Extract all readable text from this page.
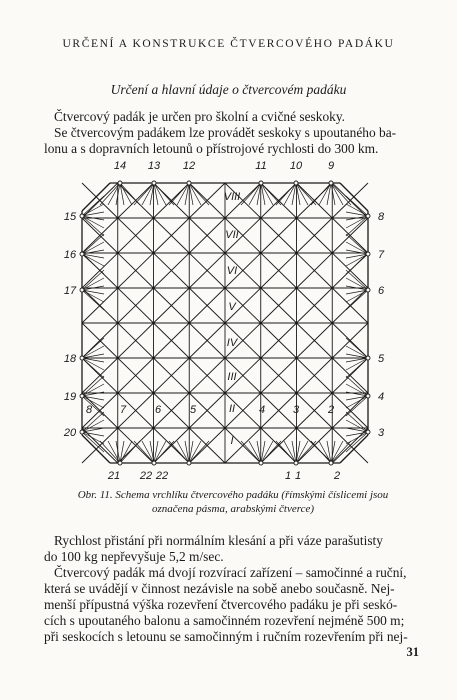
URČENÍ A KONSTRUKCE ČTVERCOVÉHO PADÁKU
Určení a hlavní údaje o čtvercovém padáku

Čtvercový padák je určen pro školní a cvičné seskoky.

Se čtvercovým padákem lze provádět seskoky s upoutaného ba-

lonu a s dopravních letounů o přístrojové rychlosti do 300 km.

14 13 12	11 10 9
21 22 22	1 1	2
15
16
17
18
19
20
8
7
6
5
4
3
VIII
VII
VI
V
IV
III
II
I
8	7	6	5	4	3	2
Obr. 11. Schema vrchlíku čtvercového padáku (římskými číslicemi jsou
označena pásma, arabskými čtverce)

Rychlost přistání při normálním klesání a při váze parašutisty

do 100 kg nepřevyšuje 5,2 m/sec.

Čtvercový padák má dvojí rozvírací zařízení – samočinné a ruční,

která se uvádějí v činnost nezávisle na sobě anebo současně. Nej-

menší přípustná výška rozevření čtvercového padáku je při seskó-

cích s upoutaného balonu a samočinném rozevření nejméně 500 m;

při seskocích s letounu se samočinným i ručním rozevřením při nej-

31
